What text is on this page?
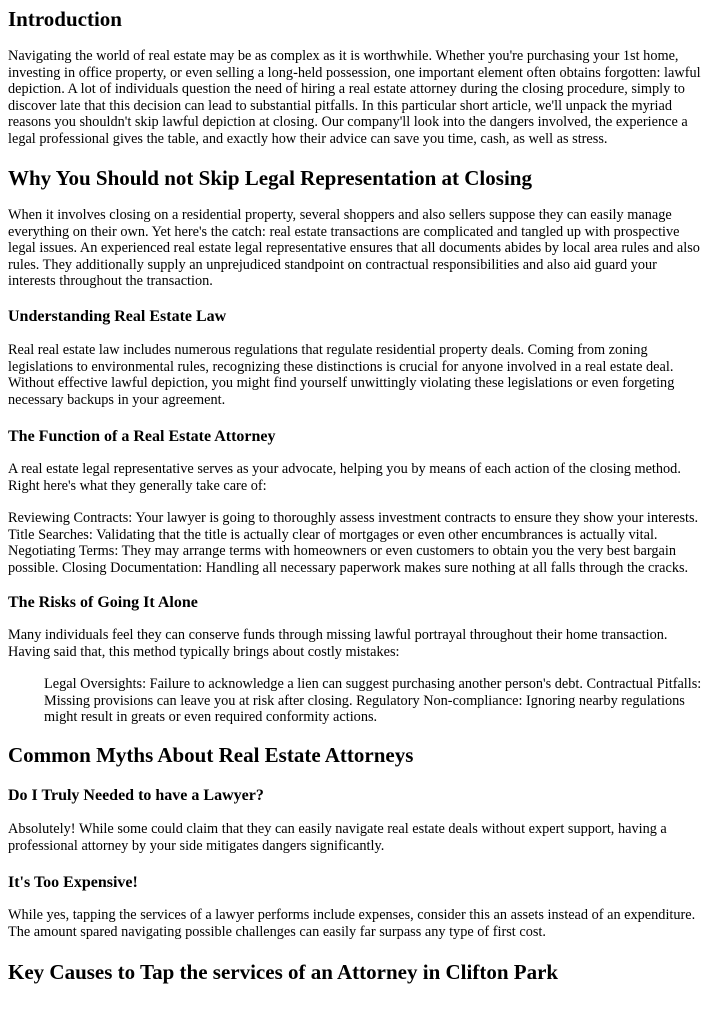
Introduction
Navigating the world of real estate may be as complex as it is worthwhile. Whether you're purchasing your 1st home,
investing in office property, or even selling a long-held possession, one important element often obtains forgotten: lawful
depiction. A lot of individuals question the need of hiring a real estate attorney during the closing procedure, simply to
discover late that this decision can lead to substantial pitfalls. In this particular short article, we'll unpack the myriad
reasons you shouldn't skip lawful depiction at closing. Our company'll look into the dangers involved, the experience a
legal professional gives the table, and exactly how their advice can save you time, cash, as well as stress.
Why You Should not Skip Legal Representation at Closing
When it involves closing on a residential property, several shoppers and also sellers suppose they can easily manage
everything on their own. Yet here's the catch: real estate transactions are complicated and tangled up with prospective
legal issues. An experienced real estate legal representative ensures that all documents abides by local area rules and also
rules. They additionally supply an unprejudiced standpoint on contractual responsibilities and also aid guard your
interests throughout the transaction.
Understanding Real Estate Law
Real real estate law includes numerous regulations that regulate residential property deals. Coming from zoning
legislations to environmental rules, recognizing these distinctions is crucial for anyone involved in a real estate deal.
Without effective lawful depiction, you might find yourself unwittingly violating these legislations or even forgeting
necessary backups in your agreement.
The Function of a Real Estate Attorney
A real estate legal representative serves as your advocate, helping you by means of each action of the closing method.
Right here's what they generally take care of:
Reviewing Contracts: Your lawyer is going to thoroughly assess investment contracts to ensure they show your interests.
Title Searches: Validating that the title is actually clear of mortgages or even other encumbrances is actually vital.
Negotiating Terms: They may arrange terms with homeowners or even customers to obtain you the very best bargain
possible. Closing Documentation: Handling all necessary paperwork makes sure nothing at all falls through the cracks.
The Risks of Going It Alone
Many individuals feel they can conserve funds through missing lawful portrayal throughout their home transaction.
Having said that, this method typically brings about costly mistakes:
Legal Oversights: Failure to acknowledge a lien can suggest purchasing another person's debt. Contractual Pitfalls:
Missing provisions can leave you at risk after closing. Regulatory Non-compliance: Ignoring nearby regulations
might result in greats or even required conformity actions.
Common Myths About Real Estate Attorneys
Do I Truly Needed to have a Lawyer?
Absolutely! While some could claim that they can easily navigate real estate deals without expert support, having a
professional attorney by your side mitigates dangers significantly.
It's Too Expensive!
While yes, tapping the services of a lawyer performs include expenses, consider this an assets instead of an expenditure.
The amount spared navigating possible challenges can easily far surpass any type of first cost.
Key Causes to Tap the services of an Attorney in Clifton Park
